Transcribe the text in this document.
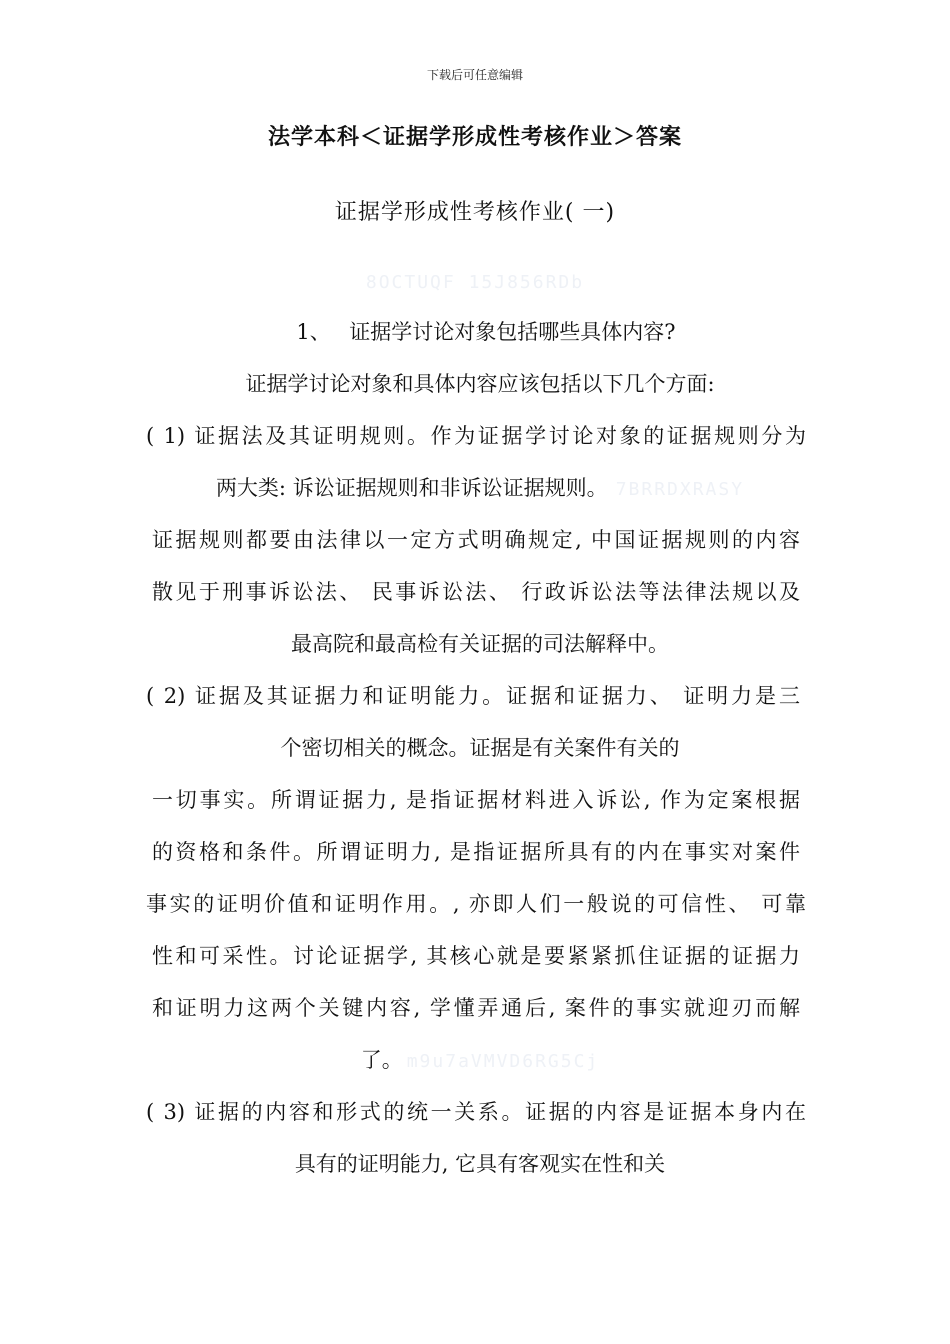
下载后可任意编辑
法学本科＜证据学形成性考核作业＞答案
证据学形成性考核作业( 一)
8OCTUQF 15J856RDb
1、 证据学讨论对象包括哪些具体内容?
证据学讨论对象和具体内容应该包括以下几个方面:
( 1) 证据法及其证明规则。作为证据学讨论对象的证据规则分为
两大类: 诉讼证据规则和非诉讼证据规则。 7BRRDXRASY
证据规则都要由法律以一定方式明确规定, 中国证据规则的内容
散见于刑事诉讼法、 民事诉讼法、 行政诉讼法等法律法规以及
最高院和最高检有关证据的司法解释中。
( 2) 证据及其证据力和证明能力。证据和证据力、 证明力是三
个密切相关的概念。证据是有关案件有关的
一切事实。所谓证据力, 是指证据材料进入诉讼, 作为定案根据
的资格和条件。所谓证明力, 是指证据所具有的内在事实对案件
事实的证明价值和证明作用。, 亦即人们一般说的可信性、 可靠
性和可采性。讨论证据学, 其核心就是要紧紧抓住证据的证据力
和证明力这两个关键内容, 学懂弄通后, 案件的事实就迎刃而解
了。 m9u7aVMVD6RG5Cj
( 3) 证据的内容和形式的统一关系。证据的内容是证据本身内在
具有的证明能力, 它具有客观实在性和关
